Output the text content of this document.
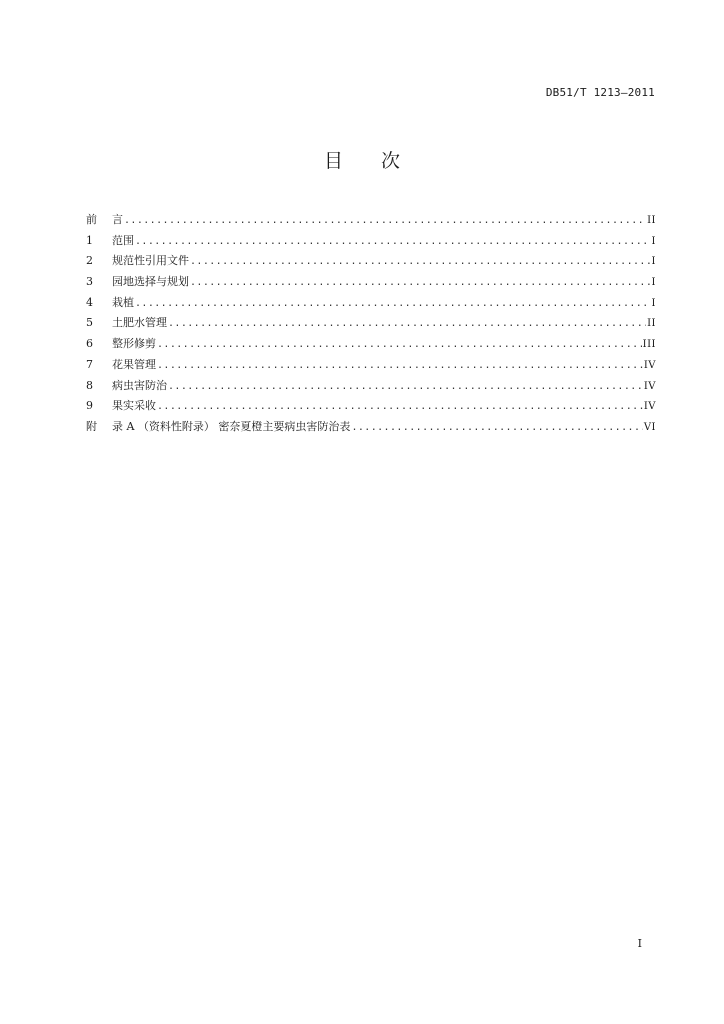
DB51/T 1213—2011
目 次
前	言 .....	II
1	范围 .....	I
2	规范性引用文件 .....	I
3	园地选择与规划 .....	I
4	栽植 .....	I
5	土肥水管理 .....	II
6	整形修剪 .....	III
7	花果管理 .....	IV
8	病虫害防治 .....	IV
9	果实采收 .....	IV
附	录 A （资料性附录） 密奈夏橙主要病虫害防治表 .....	VI
I
